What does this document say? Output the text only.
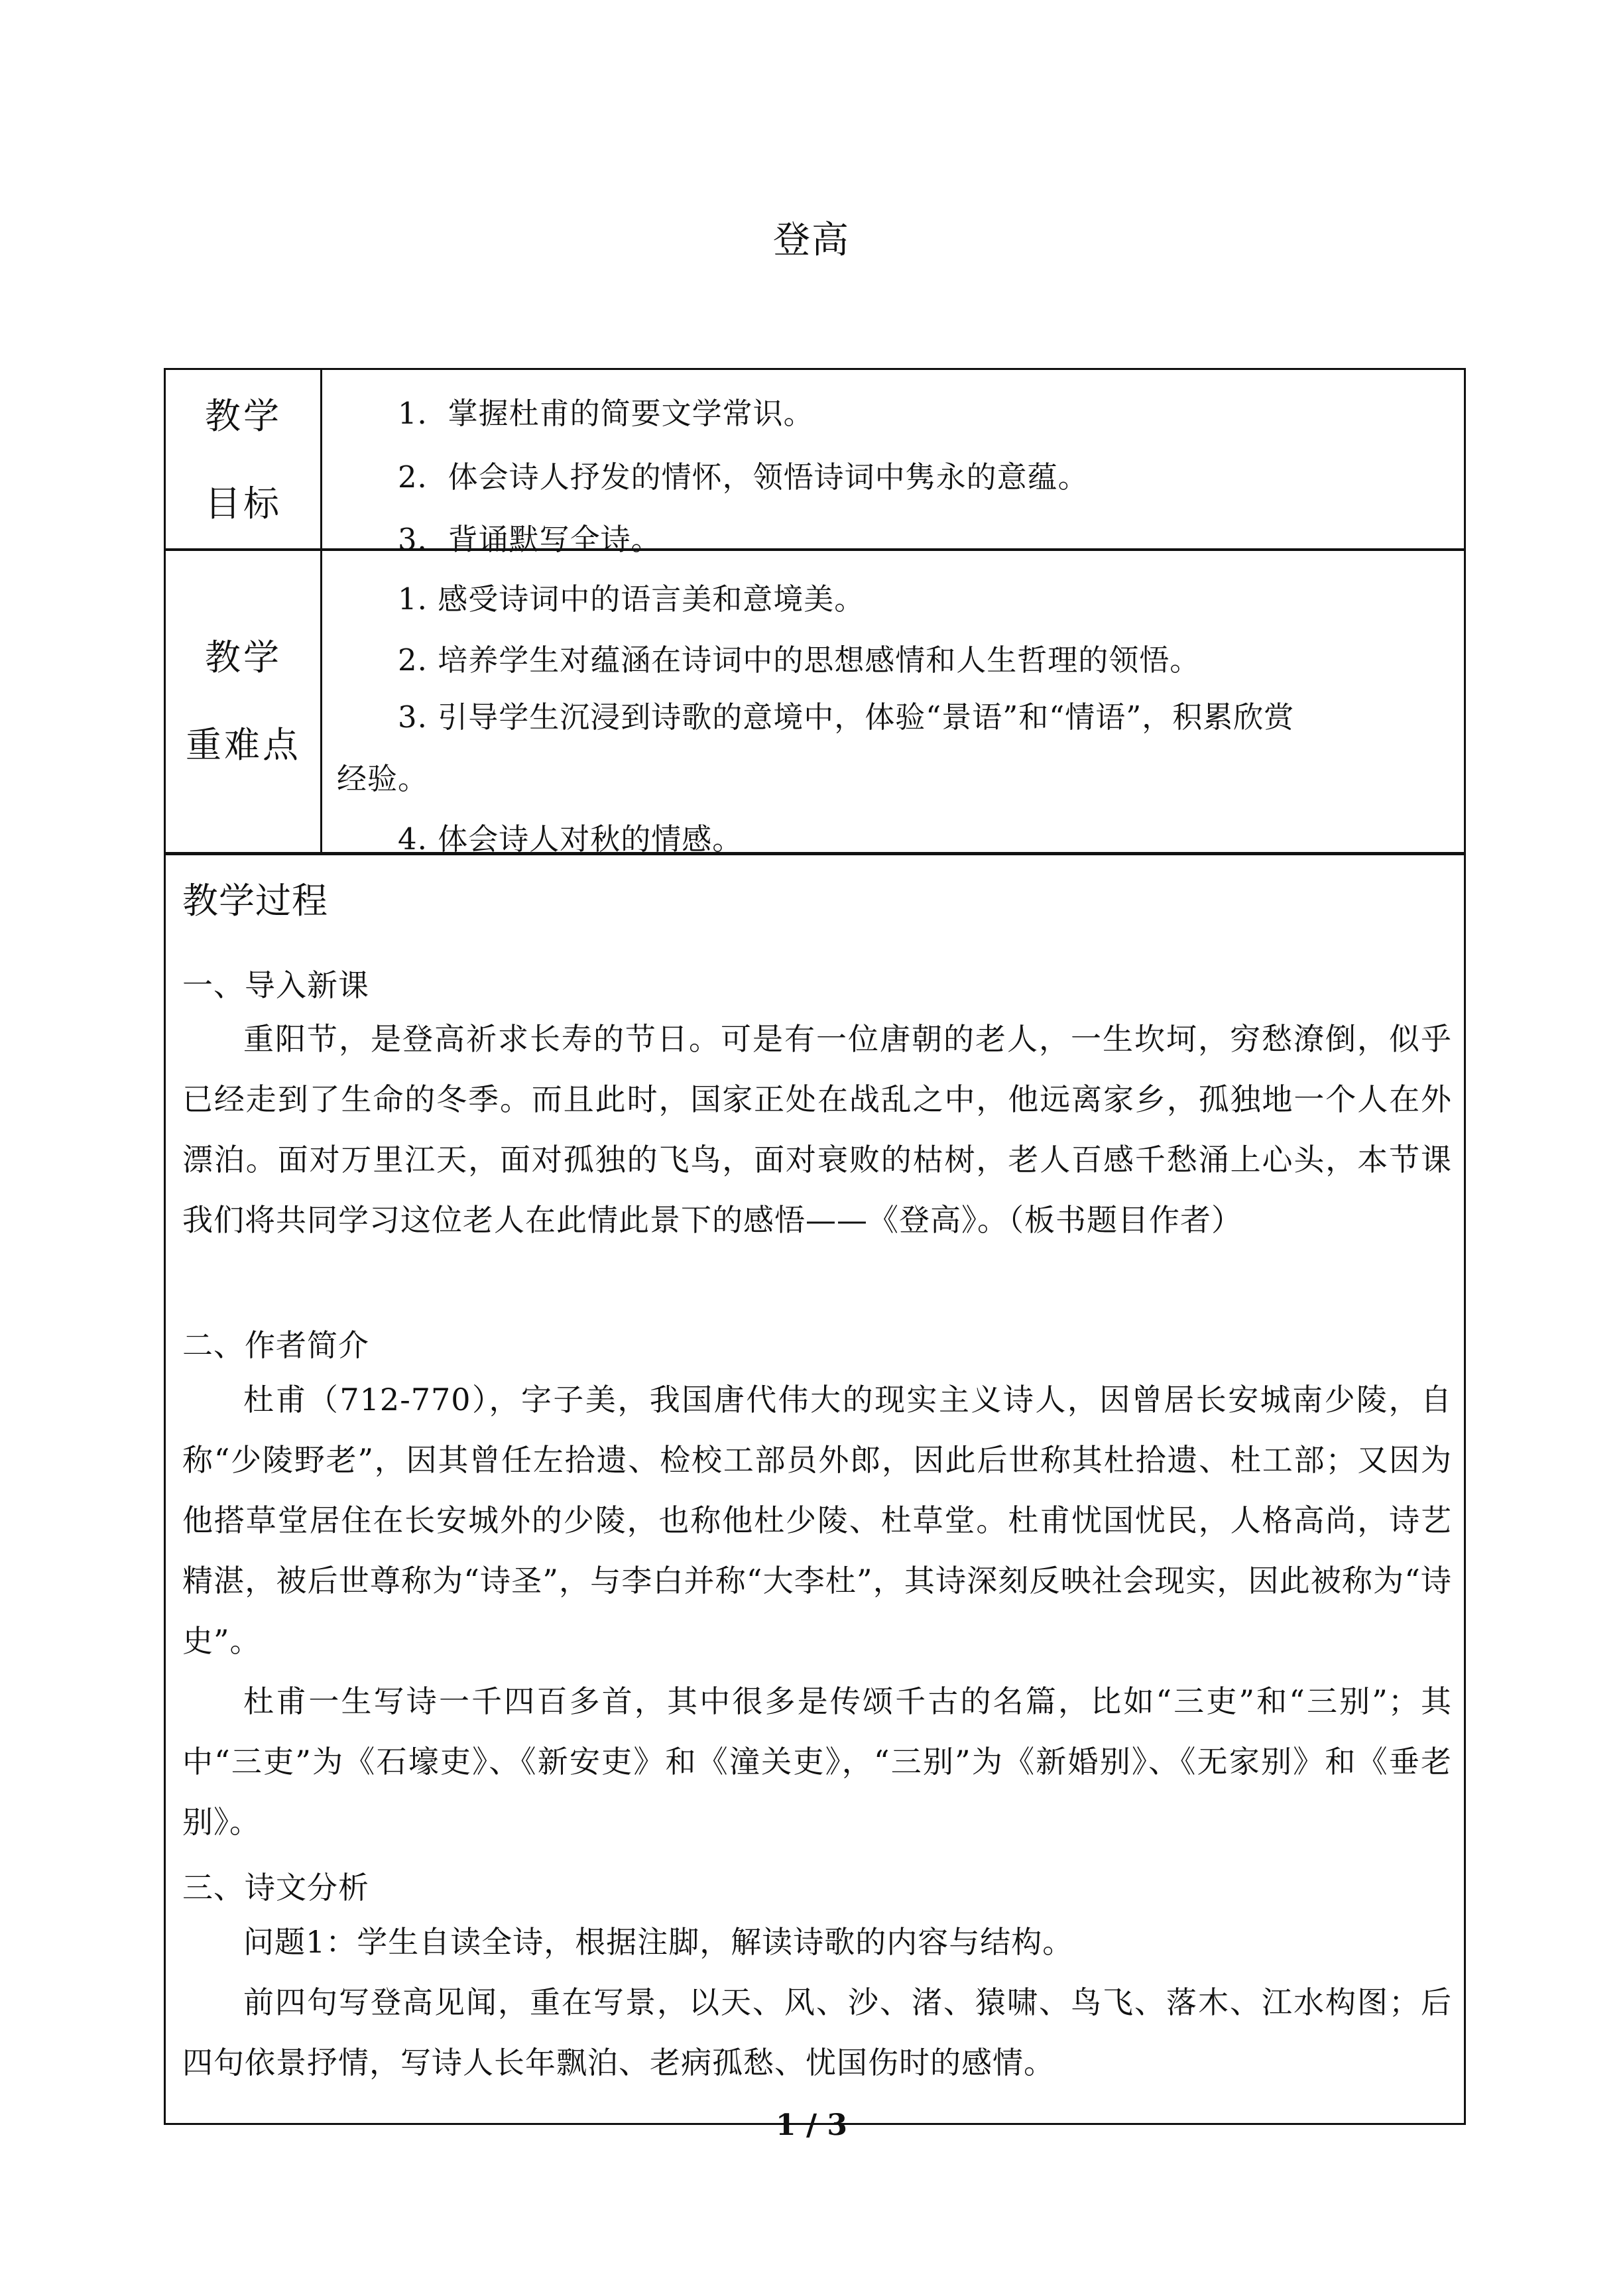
登高
教学
目标
1．掌握杜甫的简要文学常识。
2．体会诗人抒发的情怀，领悟诗词中隽永的意蕴。
3．背诵默写全诗。
教学
重难点
1. 感受诗词中的语言美和意境美。
2. 培养学生对蕴涵在诗词中的思想感情和人生哲理的领悟。
3. 引导学生沉浸到诗歌的意境中，体验“景语”和“情语”，积累欣赏
经验。
4. 体会诗人对秋的情感。
教学过程
一、导入新课
重阳节，是登高祈求长寿的节日。可是有一位唐朝的老人，一生坎坷，穷愁潦倒，似乎已经走到了生命的冬季。而且此时，国家正处在战乱之中，他远离家乡，孤独地一个人在外漂泊。面对万里江天，面对孤独的飞鸟，面对衰败的枯树，老人百感千愁涌上心头，本节课我们将共同学习这位老人在此情此景下的感悟——《登高》。（板书题目作者）
二、作者简介
杜甫（712-770），字子美，我国唐代伟大的现实主义诗人，因曾居长安城南少陵，自称“少陵野老”，因其曾任左拾遗、检校工部员外郎，因此后世称其杜拾遗、杜工部；又因为他搭草堂居住在长安城外的少陵，也称他杜少陵、杜草堂。杜甫忧国忧民，人格高尚，诗艺精湛，被后世尊称为“诗圣”，与李白并称“大李杜”，其诗深刻反映社会现实，因此被称为“诗史”。
杜甫一生写诗一千四百多首，其中很多是传颂千古的名篇，比如“三吏”和“三别”；其中“三吏”为《石壕吏》、《新安吏》和《潼关吏》，“三别”为《新婚别》、《无家别》和《垂老别》。
三、诗文分析
问题1：学生自读全诗，根据注脚，解读诗歌的内容与结构。
前四句写登高见闻，重在写景，以天、风、沙、渚、猿啸、鸟飞、落木、江水构图；后四句依景抒情，写诗人长年飘泊、老病孤愁、忧国伤时的感情。
1 / 3
